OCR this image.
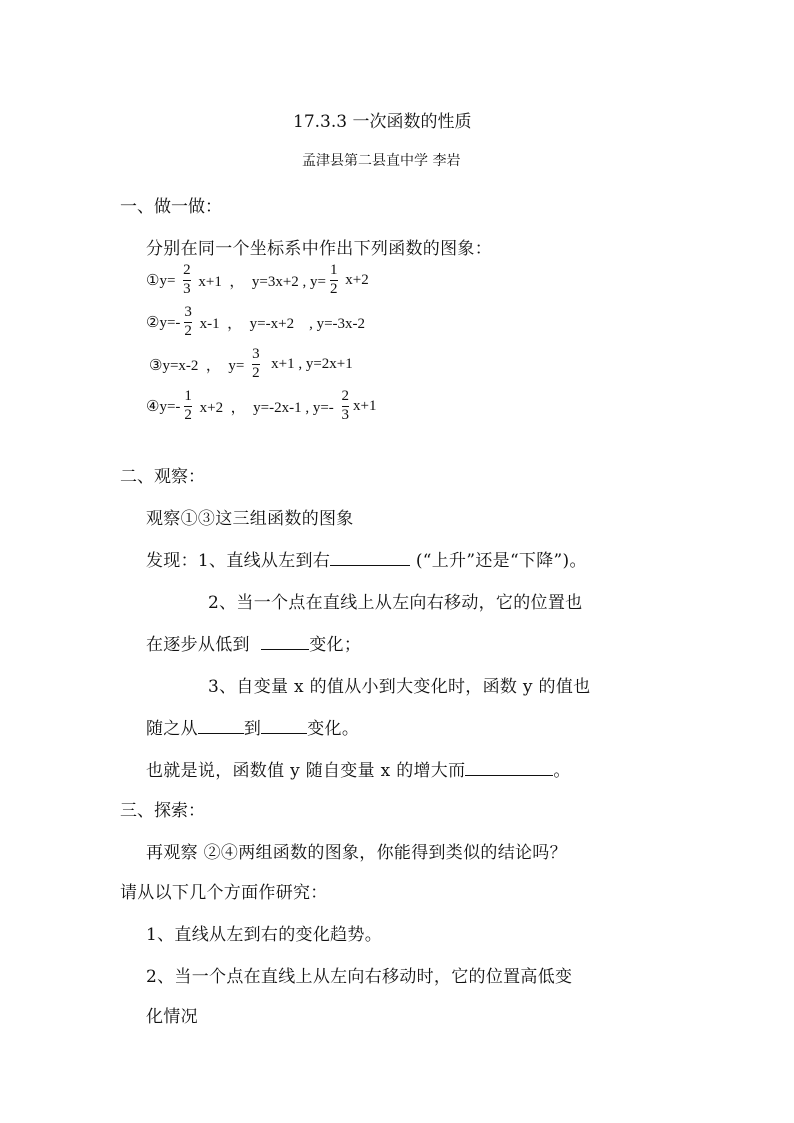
17.3.3 一次函数的性质
孟津县第二县直中学 李岩
一、做一做：
分别在同一个坐标系中作出下列函数的图象：
①y= $\frac{2}{3} x+1$  ，  y=3x+2 , $y= \frac{1}{2} x+2$
②y=- $\frac{3}{2} x-1$  ，  y=-x+2    , y=-3x-2
③y=x-2  ，  $y= \frac{3}{2} x+1$ , y=2x+1
④y=- $\frac{1}{2} x+2$  ，  y=-2x-1 , $y=- \frac{2}{3} x+1$
二、观察：
观察①③这三组函数的图象
发现：1、直线从左到右	(“上升”还是“下降”)。
2、当一个点在直线上从左向右移动，它的位置也
在逐步从低到	变化；
3、自变量 x 的值从小到大变化时，函数 y 的值也
随之从	到	变化。
也就是说，函数值 y 随自变量 x 的增大而	。
三、探索：
再观察 ②④两组函数的图象，你能得到类似的结论吗？
请从以下几个方面作研究：
1、直线从左到右的变化趋势。
2、当一个点在直线上从左向右移动时，它的位置高低变
化情况
